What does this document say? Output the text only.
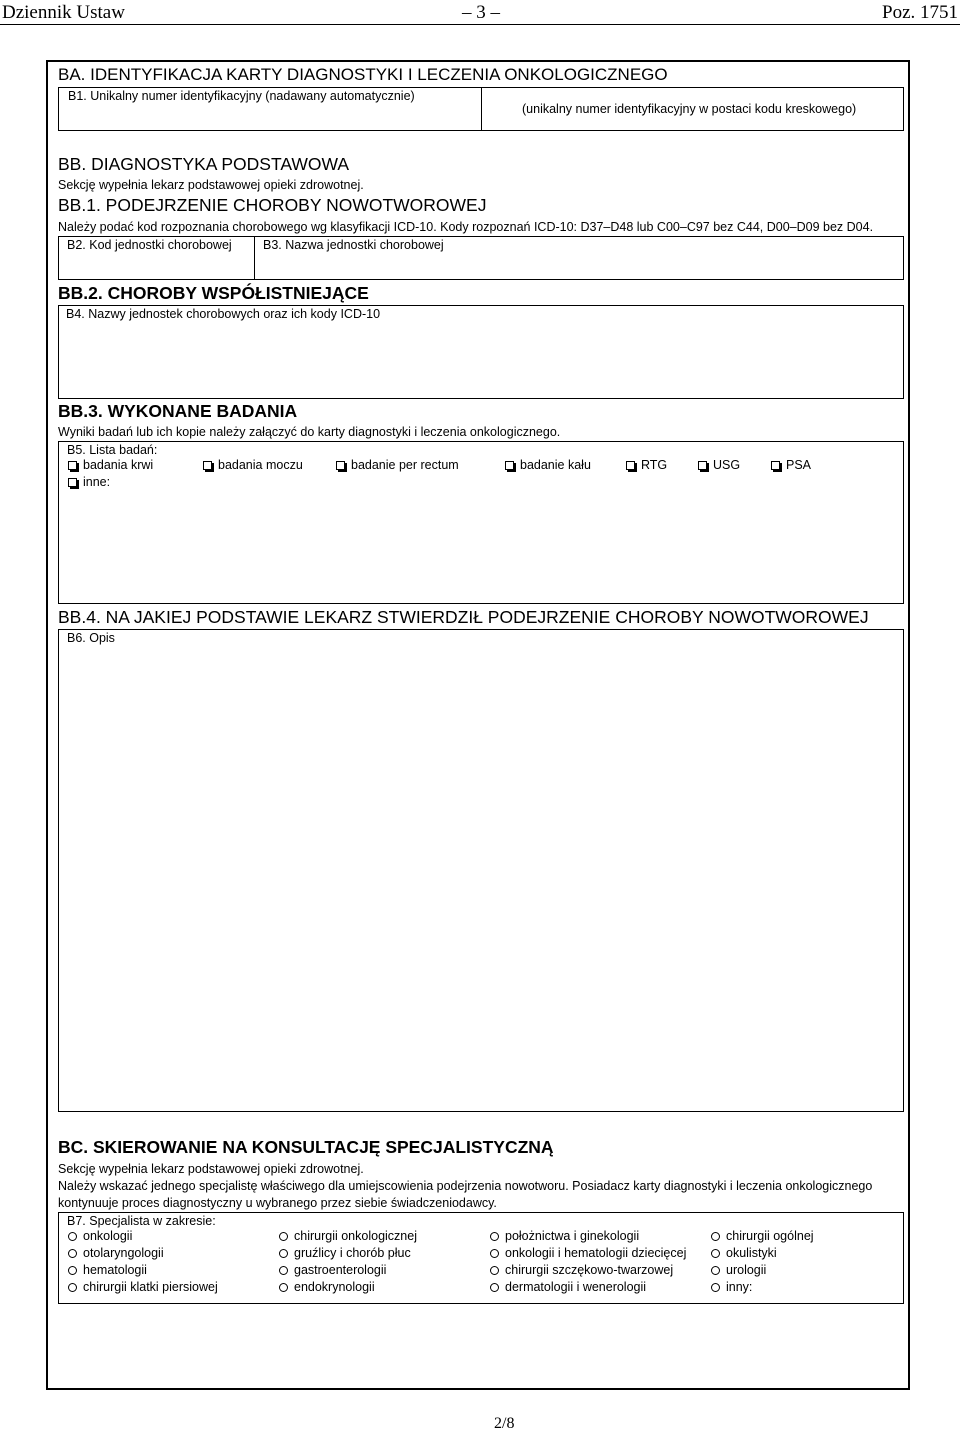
Dziennik Ustaw	– 3 –	Poz. 1751
BA. IDENTYFIKACJA KARTY DIAGNOSTYKI I LECZENIA ONKOLOGICZNEGO
B1. Unikalny numer identyfikacyjny (nadawany automatycznie)
(unikalny numer identyfikacyjny w postaci kodu kreskowego)
BB. DIAGNOSTYKA PODSTAWOWA
Sekcję wypełnia lekarz podstawowej opieki zdrowotnej.
BB.1. PODEJRZENIE CHOROBY NOWOTWOROWEJ
Należy podać kod rozpoznania chorobowego wg klasyfikacji ICD-10. Kody rozpoznań ICD-10: D37–D48 lub C00–C97 bez C44, D00–D09 bez D04.
B2. Kod jednostki chorobowej	B3. Nazwa jednostki chorobowej
BB.2. CHOROBY WSPÓŁISTNIEJĄCE
B4. Nazwy jednostek chorobowych oraz ich kody ICD-10
BB.3. WYKONANE BADANIA
Wyniki badań lub ich kopie należy załączyć do karty diagnostyki i leczenia onkologicznego.
B5. Lista badań:
badania krwi	badania moczu	badanie per rectum	badanie kału	RTG	USG	PSA
inne:
BB.4. NA JAKIEJ PODSTAWIE LEKARZ STWIERDZIŁ PODEJRZENIE CHOROBY NOWOTWOROWEJ
B6. Opis
BC. SKIEROWANIE NA KONSULTACJĘ SPECJALISTYCZNĄ
Sekcję wypełnia lekarz podstawowej opieki zdrowotnej.
Należy wskazać jednego specjalistę właściwego dla umiejscowienia podejrzenia nowotworu. Posiadacz karty diagnostyki i leczenia onkologicznego
kontynuuje proces diagnostyczny u wybranego przez siebie świadczeniodawcy.
B7. Specjalista w zakresie:
onkologii	chirurgii onkologicznej	położnictwa i ginekologii	chirurgii ogólnej
otolaryngologii	gruźlicy i chorób płuc	onkologii i hematologii dziecięcej	okulistyki
hematologii	gastroenterologii	chirurgii szczękowo-twarzowej	urologii
chirurgii klatki piersiowej	endokrynologii	dermatologii i wenerologii	inny:
2/8
